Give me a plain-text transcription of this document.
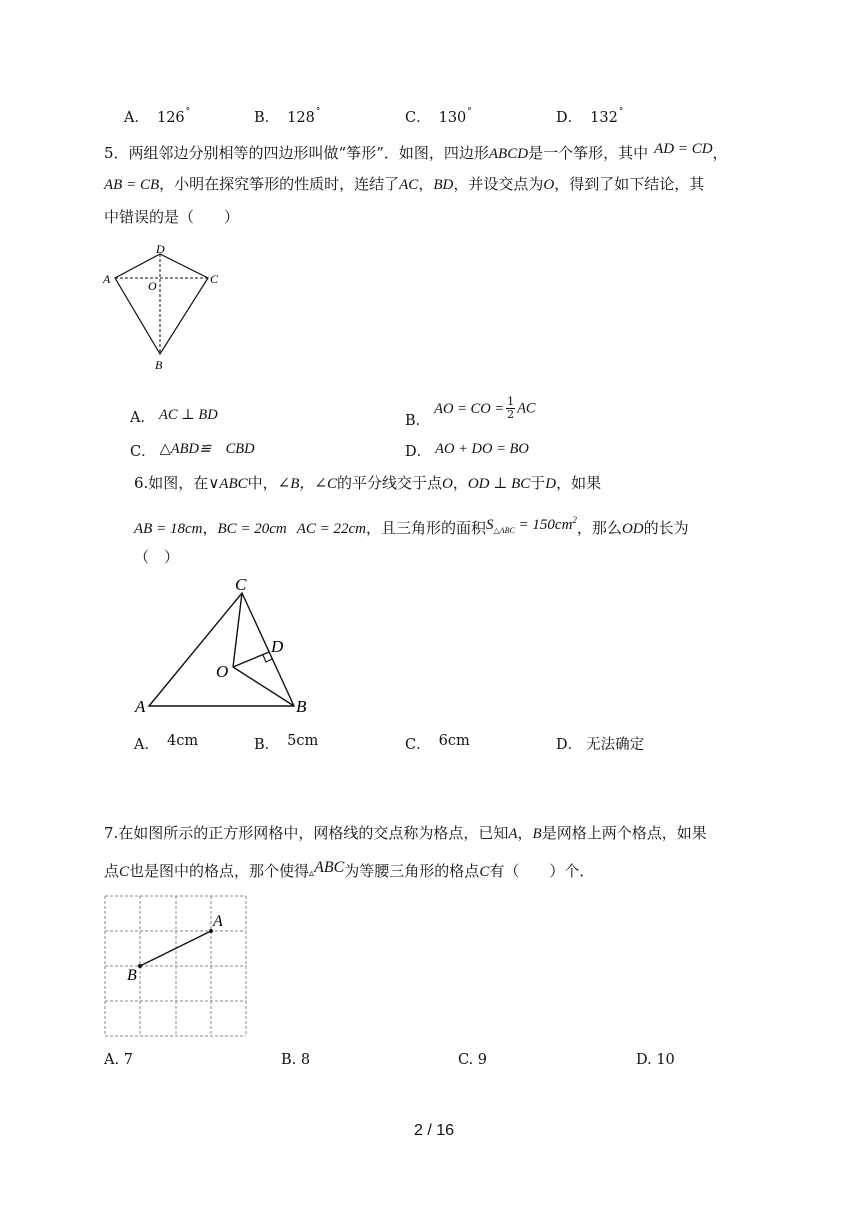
A． 126°	B． 128°	C． 130°	D． 132°
5．两组邻边分别相等的四边形叫做“筝形”．如图，四边形ABCD是一个筝形，其中 AD = CD，
AB = CB，小明在探究筝形的性质时，连结了AC，BD，并设交点为O，得到了如下结论，其
中错误的是（　　）
A	C
D
B
O
A． AC ⊥ BD	B．AO = CO = $\frac{1}{2}$ AC
C． △ABD≌　CBD	D． AO + DO = BO
6.如图，在∨ABC中，∠B，∠C的平分线交于点O，OD ⊥ BC于D，如果
AB = 18cm，BC = 20cm AC = 22cm，且三角形的面积$S_{\triangle ABC} = 150cm^2$，那么OD的长为
（　）
A
C
B
D
O
A． 4cm	B． 5cm	C． 6cm	D． 无法确定
7.在如图所示的正方形网格中，网格线的交点称为格点，已知A，B是网格上两个格点，如果
点C也是图中的格点，那个使得▵ABC为等腰三角形的格点C有（　　）个．
A
B
A. 7	B. 8	C. 9	D. 10
2 / 16
